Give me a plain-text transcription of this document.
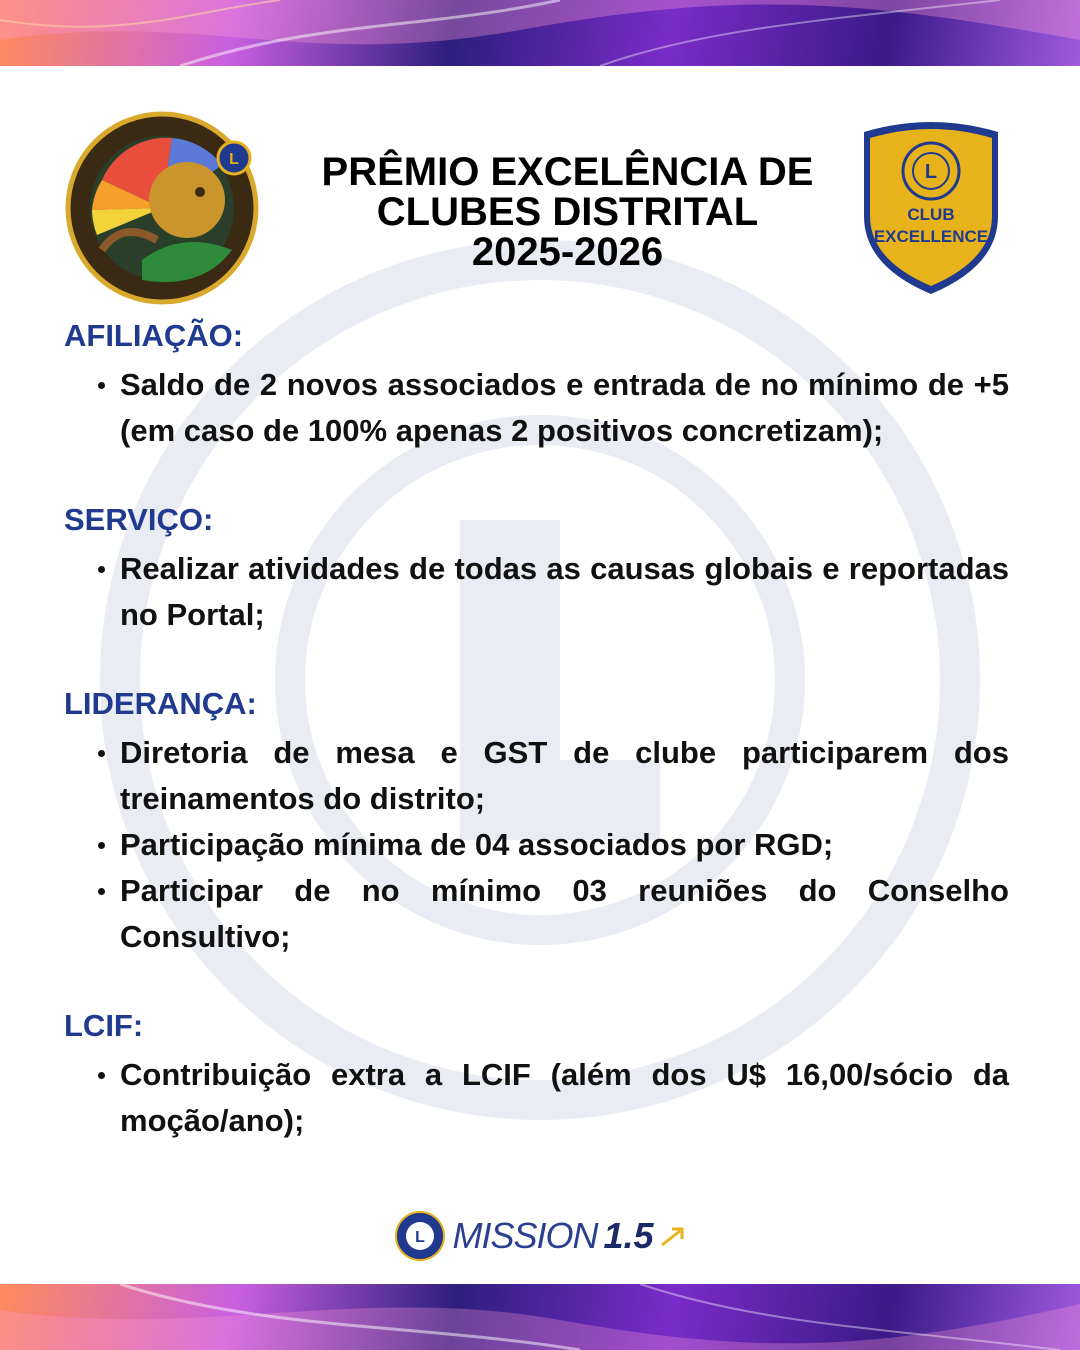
L	PRÊMIO EXCELÊNCIA DE
CLUBES DISTRITAL
2025-2026
L
CLUB
EXCELLENCE
AFILIAÇÃO:
Saldo de 2 novos associados e entrada de no mínimo de +5 (em caso de 100% apenas 2 positivos concretizam);
SERVIÇO:
Realizar atividades de todas as causas globais e reportadas no Portal;
LIDERANÇA:
Diretoria de mesa e GST de clube participarem dos treinamentos do distrito;
Participação mínima de 04 associados por RGD;
Participar de no mínimo 03 reuniões do Conselho Consultivo;
LCIF:
Contribuição extra a LCIF (além dos U$ 16,00/sócio da moção/ano);
L MISSION 1.5
